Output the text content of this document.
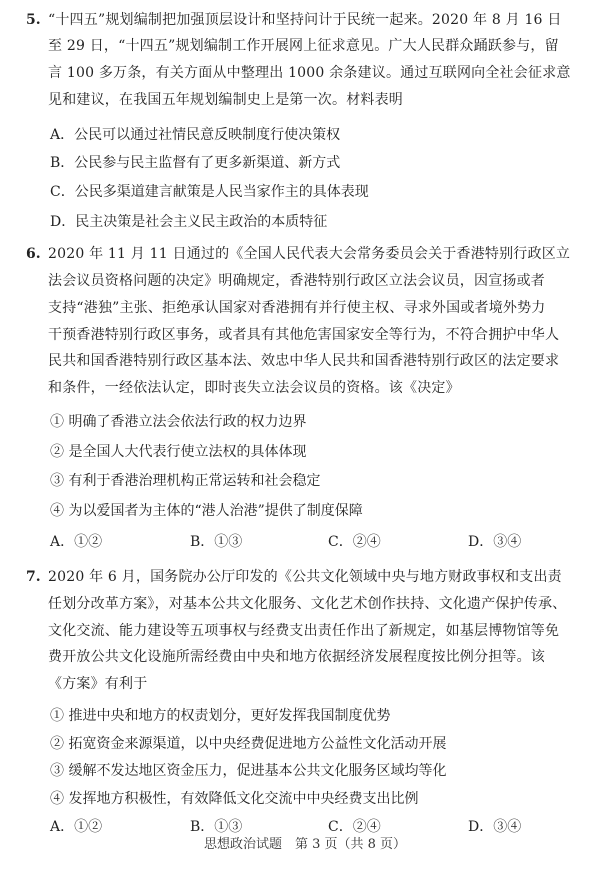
5. “十四五”规划编制把加强顶层设计和坚持问计于民统一起来。2020 年 8 月 16 日
至 29 日，“十四五”规划编制工作开展网上征求意见。广大人民群众踊跃参与，留
言 100 多万条，有关方面从中整理出 1000 余条建议。通过互联网向全社会征求意
见和建议，在我国五年规划编制史上是第一次。材料表明
A．公民可以通过社情民意反映制度行使决策权
B．公民参与民主监督有了更多新渠道、新方式
C．公民多渠道建言献策是人民当家作主的具体表现
D．民主决策是社会主义民主政治的本质特征
6. 2020 年 11 月 11 日通过的《全国人民代表大会常务委员会关于香港特别行政区立
法会议员资格问题的决定》明确规定，香港特别行政区立法会议员，因宣扬或者
支持“港独”主张、拒绝承认国家对香港拥有并行使主权、寻求外国或者境外势力
干预香港特别行政区事务，或者具有其他危害国家安全等行为，不符合拥护中华人
民共和国香港特别行政区基本法、效忠中华人民共和国香港特别行政区的法定要求
和条件，一经依法认定，即时丧失立法会议员的资格。该《决定》
① 明确了香港立法会依法行政的权力边界
② 是全国人大代表行使立法权的具体体现
③ 有利于香港治理机构正常运转和社会稳定
④ 为以爱国者为主体的“港人治港”提供了制度保障
A．①②	B．①③	C．②④	D．③④
7. 2020 年 6 月，国务院办公厅印发的《公共文化领域中央与地方财政事权和支出责
任划分改革方案》，对基本公共文化服务、文化艺术创作扶持、文化遗产保护传承、
文化交流、能力建设等五项事权与经费支出责任作出了新规定，如基层博物馆等免
费开放公共文化设施所需经费由中央和地方依据经济发展程度按比例分担等。该
《方案》有利于
① 推进中央和地方的权责划分，更好发挥我国制度优势
② 拓宽资金来源渠道，以中央经费促进地方公益性文化活动开展
③ 缓解不发达地区资金压力，促进基本公共文化服务区域均等化
④ 发挥地方积极性，有效降低文化交流中中央经费支出比例
A．①②	B．①③	C．②④	D．③④
思想政治试题　第 3 页（共 8 页）
